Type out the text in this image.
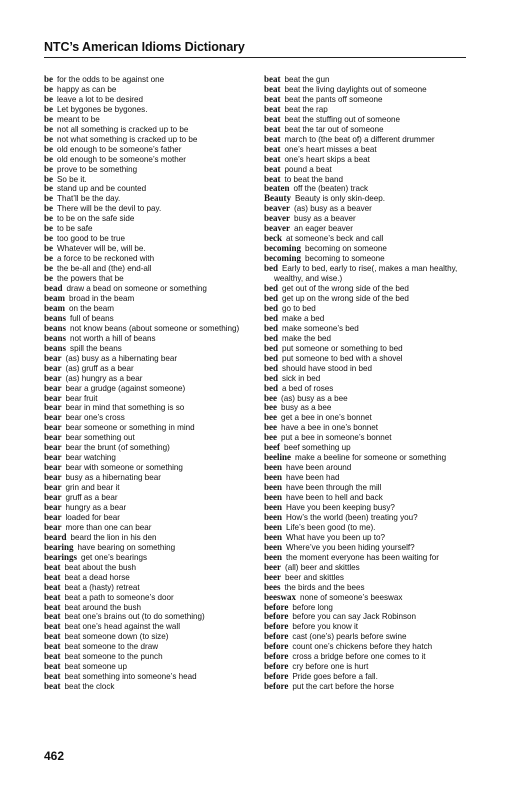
NTC’s American Idioms Dictionary
be for the odds to be against one
be happy as can be
be leave a lot to be desired
be Let bygones be bygones.
be meant to be
be not all something is cracked up to be
be not what something is cracked up to be
be old enough to be someone’s father
be old enough to be someone’s mother
be prove to be something
be So be it.
be stand up and be counted
be That’ll be the day.
be There will be the devil to pay.
be to be on the safe side
be to be safe
be too good to be true
be Whatever will be, will be.
be a force to be reckoned with
be the be-all and (the) end-all
be the powers that be
bead draw a bead on someone or something
beam broad in the beam
beam on the beam
beans full of beans
beans not know beans (about someone or something)
beans not worth a hill of beans
beans spill the beans
bear (as) busy as a hibernating bear
bear (as) gruff as a bear
bear (as) hungry as a bear
bear bear a grudge (against someone)
bear bear fruit
bear bear in mind that something is so
bear bear one’s cross
bear bear someone or something in mind
bear bear something out
bear bear the brunt (of something)
bear bear watching
bear bear with someone or something
bear busy as a hibernating bear
bear grin and bear it
bear gruff as a bear
bear hungry as a bear
bear loaded for bear
bear more than one can bear
beard beard the lion in his den
bearing have bearing on something
bearings get one’s bearings
beat beat about the bush
beat beat a dead horse
beat beat a (hasty) retreat
beat beat a path to someone’s door
beat beat around the bush
beat beat one’s brains out (to do something)
beat beat one’s head against the wall
beat beat someone down (to size)
beat beat someone to the draw
beat beat someone to the punch
beat beat someone up
beat beat something into someone’s head
beat beat the clock
beat beat the gun
beat beat the living daylights out of someone
beat beat the pants off someone
beat beat the rap
beat beat the stuffing out of someone
beat beat the tar out of someone
beat march to (the beat of) a different drummer
beat one’s heart misses a beat
beat one’s heart skips a beat
beat pound a beat
beat to beat the band
beaten off the (beaten) track
Beauty Beauty is only skin-deep.
beaver (as) busy as a beaver
beaver busy as a beaver
beaver an eager beaver
beck at someone’s beck and call
becoming becoming on someone
becoming becoming to someone
bed Early to bed, early to rise(, makes a man healthy,
wealthy, and wise.)
bed get out of the wrong side of the bed
bed get up on the wrong side of the bed
bed go to bed
bed make a bed
bed make someone’s bed
bed make the bed
bed put someone or something to bed
bed put someone to bed with a shovel
bed should have stood in bed
bed sick in bed
bed a bed of roses
bee (as) busy as a bee
bee busy as a bee
bee get a bee in one’s bonnet
bee have a bee in one’s bonnet
bee put a bee in someone’s bonnet
beef beef something up
beeline make a beeline for someone or something
been have been around
been have been had
been have been through the mill
been have been to hell and back
been Have you been keeping busy?
been How’s the world (been) treating you?
been Life’s been good (to me).
been What have you been up to?
been Where’ve you been hiding yourself?
been the moment everyone has been waiting for
beer (all) beer and skittles
beer beer and skittles
bees the birds and the bees
beeswax none of someone’s beeswax
before before long
before before you can say Jack Robinson
before before you know it
before cast (one’s) pearls before swine
before count one’s chickens before they hatch
before cross a bridge before one comes to it
before cry before one is hurt
before Pride goes before a fall.
before put the cart before the horse
462
